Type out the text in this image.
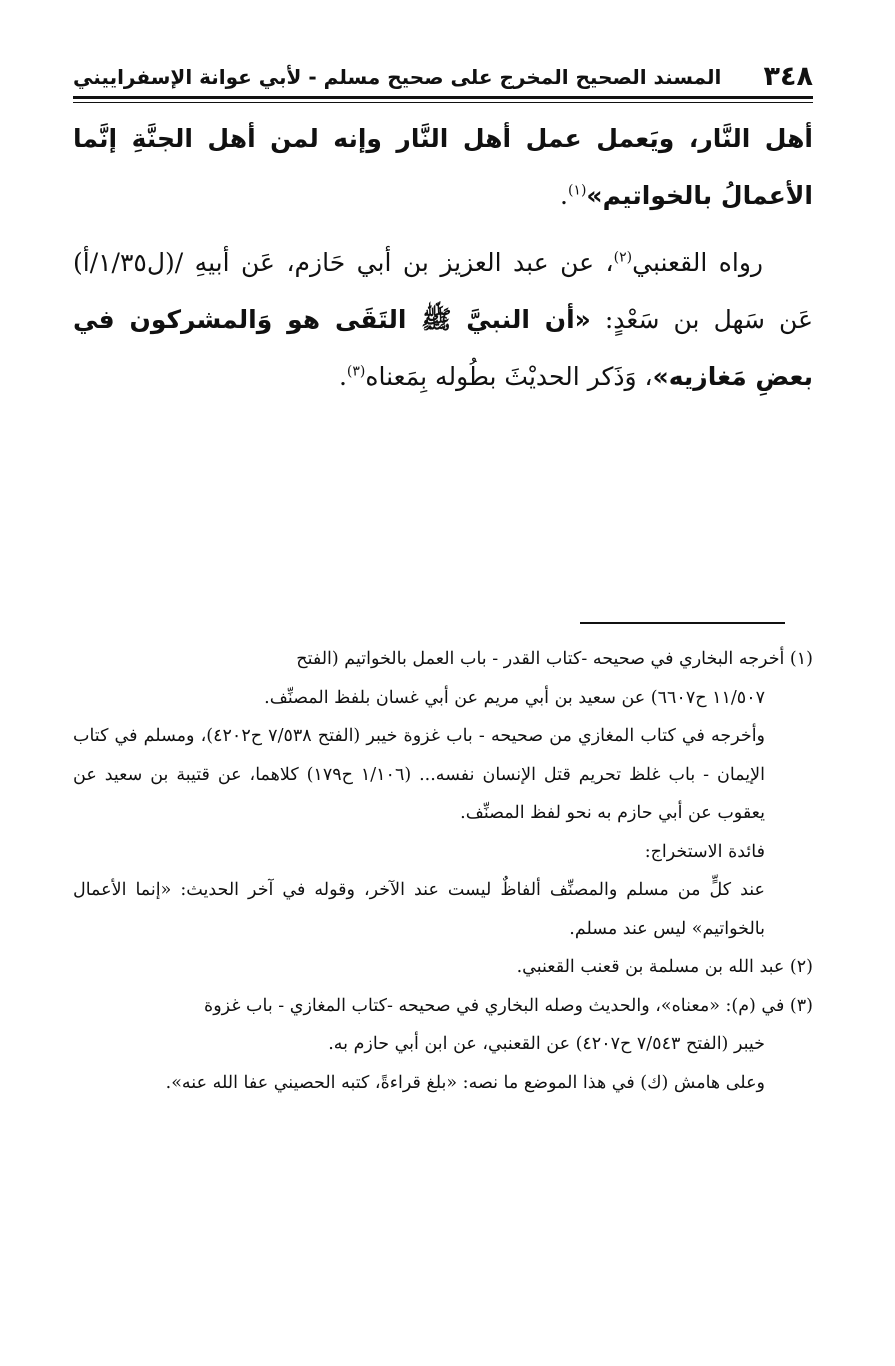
٣٤٨
المسند الصحيح المخرج على صحيح مسلم - لأبي عوانة الإسفراييني

أهل النَّار، ويَعمل عمل أهل النَّار وإنه لمن أهل الجنَّةِ إنَّما الأعمالُ بالخواتيم»$^{(١)}$.

رواه القعنبي$^{(٢)}$، عن عبد العزيز بن أبي حَازم، عَن أبيهِ /(ل١/٣٥/أ) عَن سَهل بن سَعْدٍ: «أن النبيَّ ﷺ التَقَى هو وَالمشركون في بعضِ مَغازيه»، وَذَكر الحديْثَ بطُوله بِمَعناه$^{(٣)}$.

(١) أخرجه البخاري في صحيحه -كتاب القدر - باب العمل بالخواتيم (الفتح
١١/٥٠٧ ح٦٦٠٧) عن سعيد بن أبي مريم عن أبي غسان بلفظ المصنِّف.

وأخرجه في كتاب المغازي من صحيحه - باب غزوة خيبر (الفتح ٧/٥٣٨ ح٤٢٠٢)، ومسلم في كتاب الإيمان - باب غلظ تحريم قتل الإنسان نفسه... (١/١٠٦ ح١٧٩) كلاهما، عن قتيبة بن سعيد عن يعقوب عن أبي حازم به نحو لفظ المصنِّف.

فائدة الاستخراج:

عند كلٍّ من مسلم والمصنِّف ألفاظٌ ليست عند الآخر، وقوله في آخر الحديث: «إنما الأعمال بالخواتيم» ليس عند مسلم.

(٢) عبد الله بن مسلمة بن قعنب القعنبي.

(٣) في (م): «معناه»، والحديث وصله البخاري في صحيحه -كتاب المغازي - باب غزوة
خيبر (الفتح ٧/٥٤٣ ح٤٢٠٧) عن القعنبي، عن ابن أبي حازم به.

وعلى هامش (ك) في هذا الموضع ما نصه: «بلغ قراءةً، كتبه الحصيني عفا الله عنه».
